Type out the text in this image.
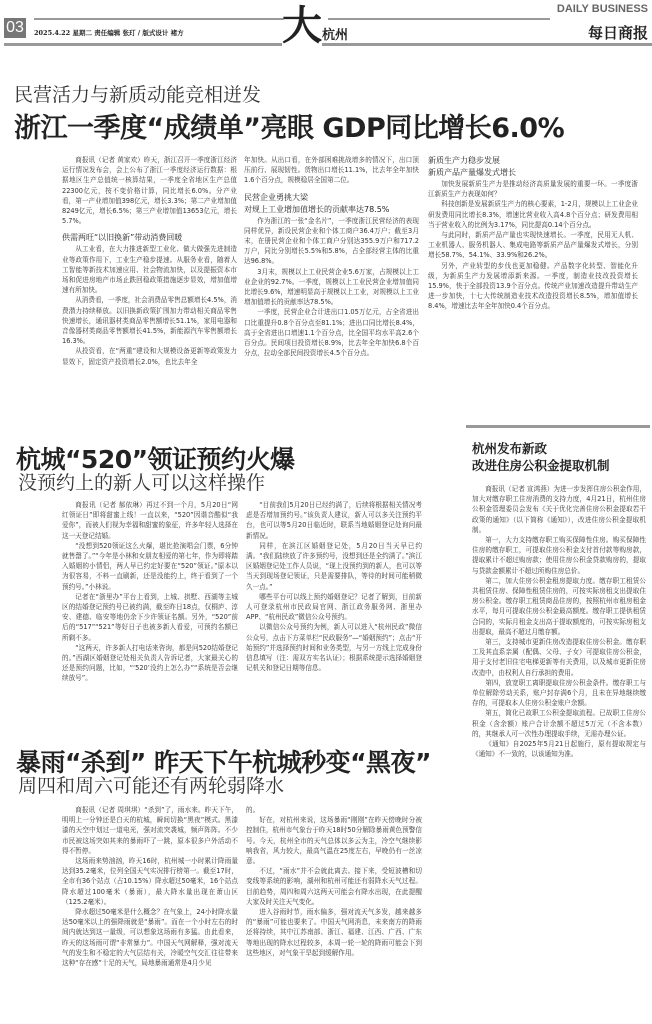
03	2025.4.22 星期二 责任编辑 张玎 / 版式设计 褚方 大 杭州
DAILY BUSINESS
每日商报
民营活力与新质动能竞相迸发
浙江一季度“成绩单”亮眼 GDP同比增长6.0%

商报讯（记者 黄家欢）昨天，浙江召开一季度浙江经济运行情况发布会，会上公布了浙江一季度经济运行数据：根据地区生产总值统一核算结果，一季度全省地区生产总值22300亿元，按不变价格计算，同比增长6.0%。分产业看，第一产业增加值398亿元，增长3.3%；第二产业增加值8249亿元，增长6.5%；第三产业增加值13653亿元，增长5.7%。

供需两旺“以旧换新”带动消费回暖

从工业看，在大力推进新型工业化、做大做强先进制造业等政策作用下，工业生产稳步提速。从服务业看，随着人工智能等新技术加速应用、社会物流加快，以及提振资本市场和促进房地产市场止跌回稳政策措施逐步显效，增加值增速有所加快。

从消费看，一季度，社会消费品零售总额增长4.5%，消费潜力持续释放。以旧换新政策扩围加力带动相关商品零售快速增长，通讯器材类商品零售额增长51.1%，家用电器和音像器材类商品零售额增长41.5%，新能源汽车零售额增长16.3%。

从投资看，在“两重”建设和大规模设备更新等政策发力显效下，固定资产投资增长2.0%，也比去年全

年加快。从出口看，在外部困难挑战增多的情况下，出口顶压前行、展现韧性。货物出口增长11.1%，比去年全年加快1.6个百分点，规模稳居全国第二位。

民营企业勇挑大梁
对规上工业增加值增长的贡献率达78.5%

作为浙江的一张“金名片”，一季度浙江民营经济的表现同样优异，新设民营企业和个体工商户36.4万户；截至3月末，在册民营企业和个体工商户分别达355.9万户和717.2万户，同比分别增长5.5%和5.8%，占全部经营主体的比重达96.8%。

3月末，规模以上工业民营企业5.6万家，占规模以上工业企业的92.7%。一季度，规模以上工业民营企业增加值同比增长9.6%，增速明显高于规模以上工业，对规模以上工业增加值增长的贡献率达78.5%。

一季度，民营企业合计进出口1.05万亿元，占全省进出口比重提升0.8个百分点至81.1%；进出口同比增长8.4%，高于全省进出口增速1.1个百分点，比全国平均水平高2.6个百分点。民间项目投资增长8.9%，比去年全年加快6.8个百分点，拉动全部民间投资增长4.5个百分点。

新质生产力稳步发展
新质产品产量爆发式增长

加快发展新质生产力是推动经济高质量发展的重要一环。一季度浙江新质生产力表现如何？

科技创新是发展新质生产力的核心要素，1-2月，规模以上工业企业研发费用同比增长8.3%，增速比营业收入高4.8个百分点；研发费用相当于营业收入的比例为3.17%，同比提高0.14个百分点。

与此同时，新质产品产量也实现快速增长。一季度，民用无人机、工业机器人、服务机器人、集成电路等新质产品产量爆发式增长，分别增长58.7%、54.1%、33.9%和26.2%。

另外，产业转型的步伐也更加稳健。产品数字化转型、智能化升级，为新质生产力发展增添新来源。一季度，制造业技改投资增长15.9%，快于全部投资13.9个百分点。传统产业加速改造提升带动生产进一步加快，十七大传统制造业技术改造投资增长8.5%，增加值增长8.4%，增速比去年全年加快0.4个百分点。

杭城“520”领证预约火爆
没预约上的新人可以这样操作

商报讯（记者 郝依琳）再过不到一个月，5月20日“网红领证日”即将甜蜜上线！一直以来，“520”因谐音酷似“我爱你”，而被人们视为幸福和甜蜜的象征，许多年轻人选择在这一天登记结婚。

“没想到520领证这么火爆，堪比抢演唱会门票，6分钟就售罄了。”“今年是小林和女朋友相爱的第七年，作为即将踏入婚姻的小情侣，两人早已约定好要在“520”领证。”原本以为很容易，不料一直刷新，还是没能约上，终于看到了一个预约号。”小林说。

记者在“浙里办”平台上看到，上城、拱墅、西湖等主城区的结婚登记预约号已被约满，截至昨日18点，仅桐庐、淳安、建德、临安等地仍余下少许领证名额。另外，“520”前后的“517”“521”等好日子也被多新人看爱，可预约名额已所剩不多。

“这两天，许多新人打电话来咨询，都是问520结婚登记的。”西湖区婚姻登记处相关负责人告诉记者，大家最关心的还是预约问题，比如，“‘520’没约上怎么办”“系统是否会继续放号”。

“目前我们5月20日已经约满了，后续将根据相关情况考虑是否增加预约号。”该负责人建议，新人可以多关注预约平台，也可以等5月20日临近时，联系当地婚姻登记处询问最新情况。

同样，在滨江区婚姻登记处，5月20日当天早已约满。“我们陆续放了许多预约号，没想到还是全约满了。”滨江区婚姻登记处工作人员说，“现上没预约到的新人，也可以等当天到现场登记领证，只是需要排队，等待的时间可能稍微久一点。”

哪些平台可以线上预约婚姻登记？记者了解到，目前新人可登录杭州市民政局官网、浙江政务服务网、浙里办APP、“杭州民政”微信公众号预约。

以微信公众号预约为例，新人可以进入“杭州民政”微信公众号，点击下方菜单栏“民政服务”—“婚姻预约”；点击“开始预约”并选择预约时间和业务类型，与另一方线上完成身份信息填写（注：需双方实名认证）；根据系统提示选择婚姻登记机关和登记日期等信息。

暴雨“杀到” 昨天下午杭城秒变“黑夜”
周四和周六可能还有两轮弱降水

商报讯（记者 周琪琪）“杀到”了，雨水来。昨天下午，明明上一分钟还是白天的杭城，瞬间切换“黑夜”模式。黑漆漆的天空中划过一道电光，强对流突袭城，频声阵阵。不少市民被这场突如其来的暴雨吓了一跳，原本很多户外活动不得不暂停。

这场雨来势汹汹，昨天16时，杭州城一小时累计降雨量达到35.2毫米，位列全国天气实况排行榜第一。截至17时，全市有36个站点（占10.15%）降水超过50毫米，16个站点降水超过100毫米（暴雨），最大降水量出现在萧山区（125.2毫米）。

降水超过50毫米是什么概念？在气象上，24小时降水量达50毫米以上的强降雨就是“暴雨”。而在一个小时左右的时间内就达到这一量级，可以想象这场雨有多猛。由此看来，昨天的这场雨可谓“非常暴力”。中国天气网解释，强对流天气的发生和不稳定的大气层结有关，冷暖空气交汇往往带来这种“存在感”十足的天气，局地暴雨通常是4月少见

的。

好在，对杭州来说，这场暴雨“刚刚”在昨天傍晚时分被控制住，杭州市气象台于昨天18时50分解除暴雨黄色预警信号。今天，杭州全市的天气总体以多云为主，冷空气继续影响我省，风力较大，最高气温在25度左右，早晚仍有一丝凉意。

不过，“雨水”并不会就此离去。接下来，受短波槽和切变线等系统的影响，湖州和杭州可能还有弱降水天气过程。目前趋势，周四和周六这两天可能会有降水出现，在此提醒大家及时关注天气变化。

进入谷雨时节，雨水偏多，强对流天气多发，越来越多的“暴雨”可能也要来了。中国天气网消息，未来南方的降雨还将持续，其中江苏南部、浙江、福建、江西、广西、广东等地出现的降水过程较多，本周一轮一轮的降雨可能会下到这些地区，对气象干旱起到缓解作用。

杭州发布新政
改进住房公积金提取机制

商报讯（记者 宣鸿燕）为进一步发挥住房公积金作用，加大对缴存职工住房消费的支持力度，4月21日，杭州住房公积金管理委员会发布《关于优化完善住房公积金提取若干政策的通知》（以下简称《通知》），改进住房公积金提取机制。

第一，大力支持缴存职工购买保障性住房。购买保障性住房的缴存职工，可提取住房公积金支付首付款等购房款，提取累计不超过购房款；使用住房公积金贷款购房的，提取与贷款金额累计不超过所购住房总价。

第二，加大住房公积金租房提取力度。缴存职工租赁公共租赁住房、保障性租赁住房的，可按实际房租支出提取住房公积金。缴存职工租赁商品住房的，按照杭州市租房租金水平，每月可提取住房公积金最高额度。缴存职工提供租赁合同的，实际月租金支出高于提取额度的，可按实际房租支出提取，最高不超过月缴存额。

第三，支持城市更新住房改造提取住房公积金。缴存职工及其直系亲属（配偶、父母、子女）可提取住房公积金，用于支付老旧住宅电梯更新等有关费用，以及城市更新住房改造中，由权利人自行承担的费用。

第四，放宽职工离职提取住房公积金条件。缴存职工与单位解除劳动关系，账户封存满6个月，且未在异地继续缴存的，可提取本人住房公积金账户余额。

第五，简化已故职工公积金提取流程。已故职工住房公积金（含余额）账户合计余额不超过5万元（不含本数）的，其继承人可一次性办理提取手续，无需办理公证。

《通知》自2025年5月21日起施行，原有提取规定与《通知》不一致的，以该通知为准。
